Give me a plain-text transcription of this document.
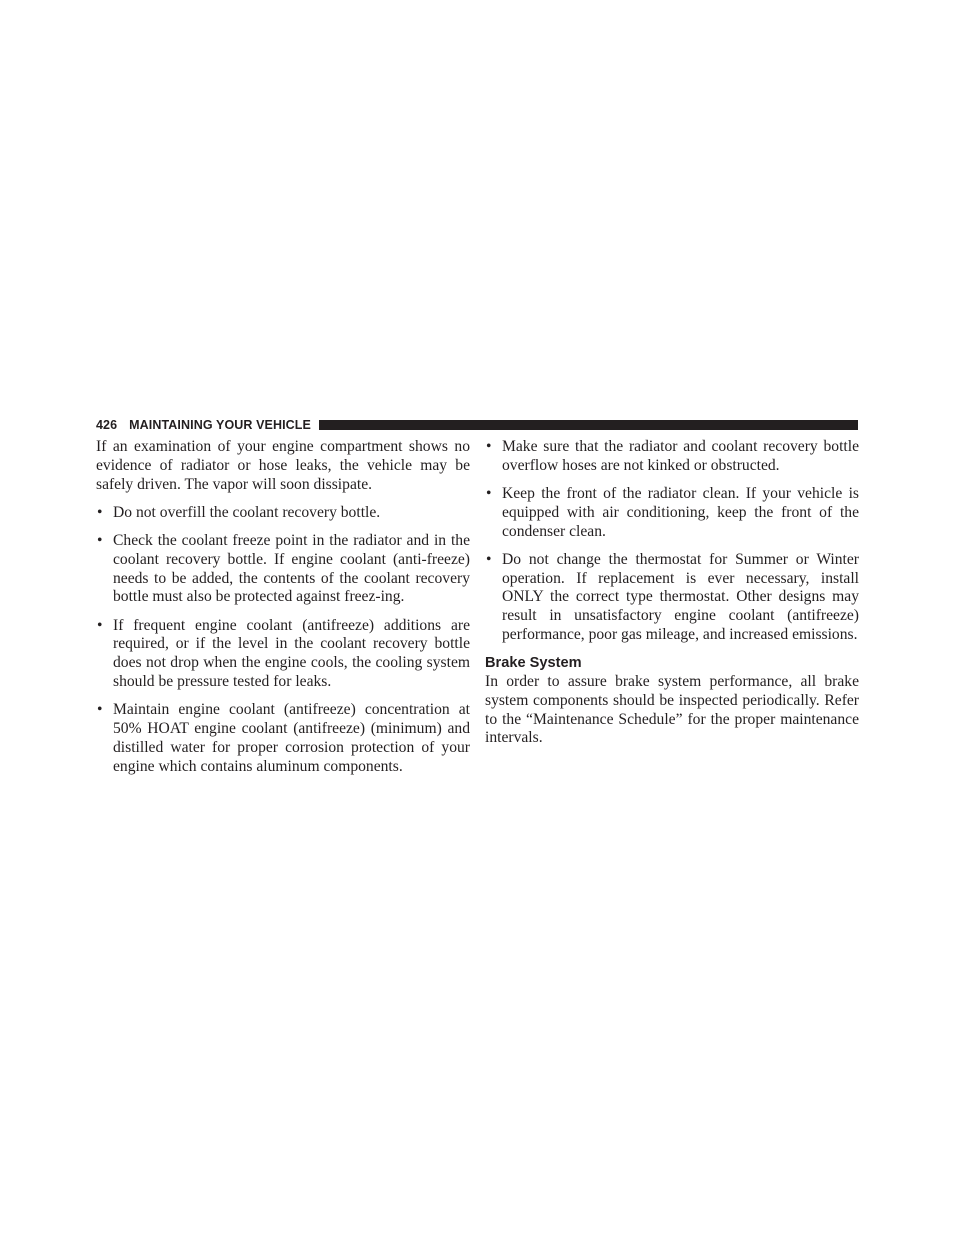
426 MAINTAINING YOUR VEHICLE

If an examination of your engine compartment shows no evidence of radiator or hose leaks, the vehicle may be safely driven. The vapor will soon dissipate.

• Do not overfill the coolant recovery bottle.
• Check the coolant freeze point in the radiator and in the coolant recovery bottle. If engine coolant (anti-freeze) needs to be added, the contents of the coolant recovery bottle must also be protected against freez-ing.
• If frequent engine coolant (antifreeze) additions are required, or if the level in the coolant recovery bottle does not drop when the engine cools, the cooling system should be pressure tested for leaks.
• Maintain engine coolant (antifreeze) concentration at 50% HOAT engine coolant (antifreeze) (minimum) and distilled water for proper corrosion protection of your engine which contains aluminum components.
• Make sure that the radiator and coolant recovery bottle overflow hoses are not kinked or obstructed.
• Keep the front of the radiator clean. If your vehicle is equipped with air conditioning, keep the front of the condenser clean.
• Do not change the thermostat for Summer or Winter operation. If replacement is ever necessary, install ONLY the correct type thermostat. Other designs may result in unsatisfactory engine coolant (antifreeze) performance, poor gas mileage, and increased emissions.
Brake System

In order to assure brake system performance, all brake system components should be inspected periodically. Refer to the “Maintenance Schedule” for the proper maintenance intervals.
